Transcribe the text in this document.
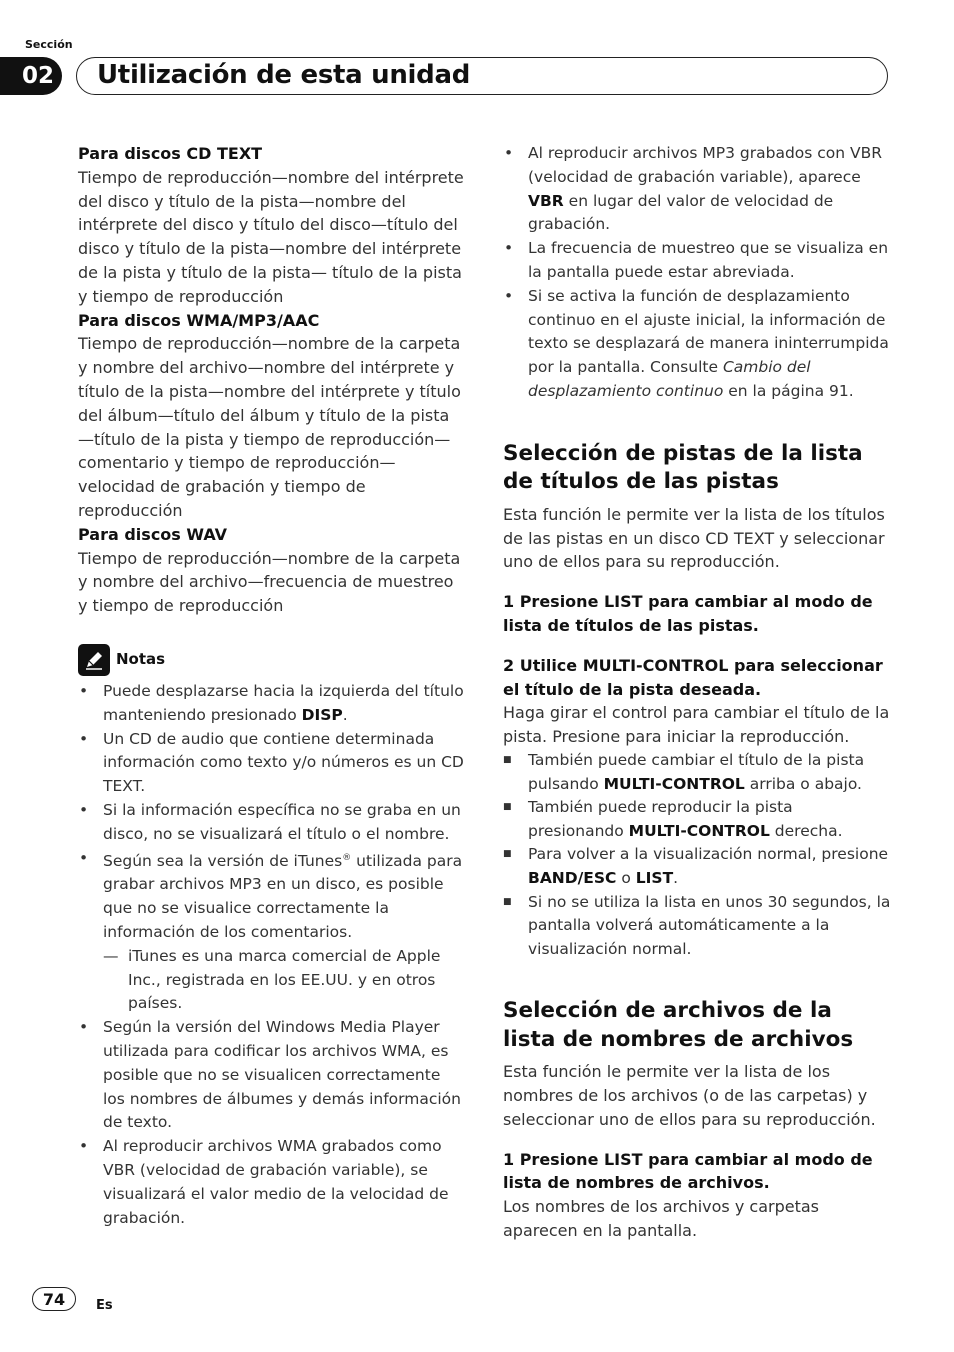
Sección
02	Utilización de esta unidad

Para discos CD TEXT

Tiempo de reproducción—nombre del intérprete del disco y título de la pista—nombre del intérprete del disco y título del disco—título del disco y título de la pista—nombre del intérprete de la pista y título de la pista— título de la pista y tiempo de reproducción

Para discos WMA/MP3/AAC

Tiempo de reproducción—nombre de la carpeta y nombre del archivo—nombre del intérprete y título de la pista—nombre del intérprete y título del álbum—título del álbum y título de la pista—título de la pista y tiempo de reproducción—comentario y tiempo de reproducción—velocidad de grabación y tiempo de reproducción

Para discos WAV

Tiempo de reproducción—nombre de la carpeta y nombre del archivo—frecuencia de muestreo y tiempo de reproducción

Notas
• Puede desplazarse hacia la izquierda del título manteniendo presionado DISP.
• Un CD de audio que contiene determinada información como texto y/o números es un CD TEXT.
• Si la información específica no se graba en un disco, no se visualizará el título o el nombre.
• Según sea la versión de iTunes® utilizada para grabar archivos MP3 en un disco, es posible que no se visualice correctamente la información de los comentarios.
— iTunes es una marca comercial de Apple Inc., registrada en los EE.UU. y en otros países.
• Según la versión del Windows Media Player utilizada para codificar los archivos WMA, es posible que no se visualicen correctamente los nombres de álbumes y demás información de texto.
• Al reproducir archivos WMA grabados como VBR (velocidad de grabación variable), se visualizará el valor medio de la velocidad de grabación.
• Al reproducir archivos MP3 grabados con VBR (velocidad de grabación variable), aparece VBR en lugar del valor de velocidad de grabación.
• La frecuencia de muestreo que se visualiza en la pantalla puede estar abreviada.
• Si se activa la función de desplazamiento continuo en el ajuste inicial, la información de texto se desplazará de manera ininterrumpida por la pantalla. Consulte Cambio del desplazamiento continuo en la página 91.

Selección de pistas de la lista de títulos de las pistas

Esta función le permite ver la lista de los títulos de las pistas en un disco CD TEXT y seleccionar uno de ellos para su reproducción.

1 Presione LIST para cambiar al modo de lista de títulos de las pistas.

2 Utilice MULTI-CONTROL para seleccionar el título de la pista deseada.

Haga girar el control para cambiar el título de la pista. Presione para iniciar la reproducción.

■ También puede cambiar el título de la pista pulsando MULTI-CONTROL arriba o abajo.

■ También puede reproducir la pista presionando MULTI-CONTROL derecha.

■ Para volver a la visualización normal, presione BAND/ESC o LIST.

■ Si no se utiliza la lista en unos 30 segundos, la pantalla volverá automáticamente a la visualización normal.

Selección de archivos de la lista de nombres de archivos

Esta función le permite ver la lista de los nombres de los archivos (o de las carpetas) y seleccionar uno de ellos para su reproducción.

1 Presione LIST para cambiar al modo de lista de nombres de archivos.

Los nombres de los archivos y carpetas aparecen en la pantalla.

74	Es
